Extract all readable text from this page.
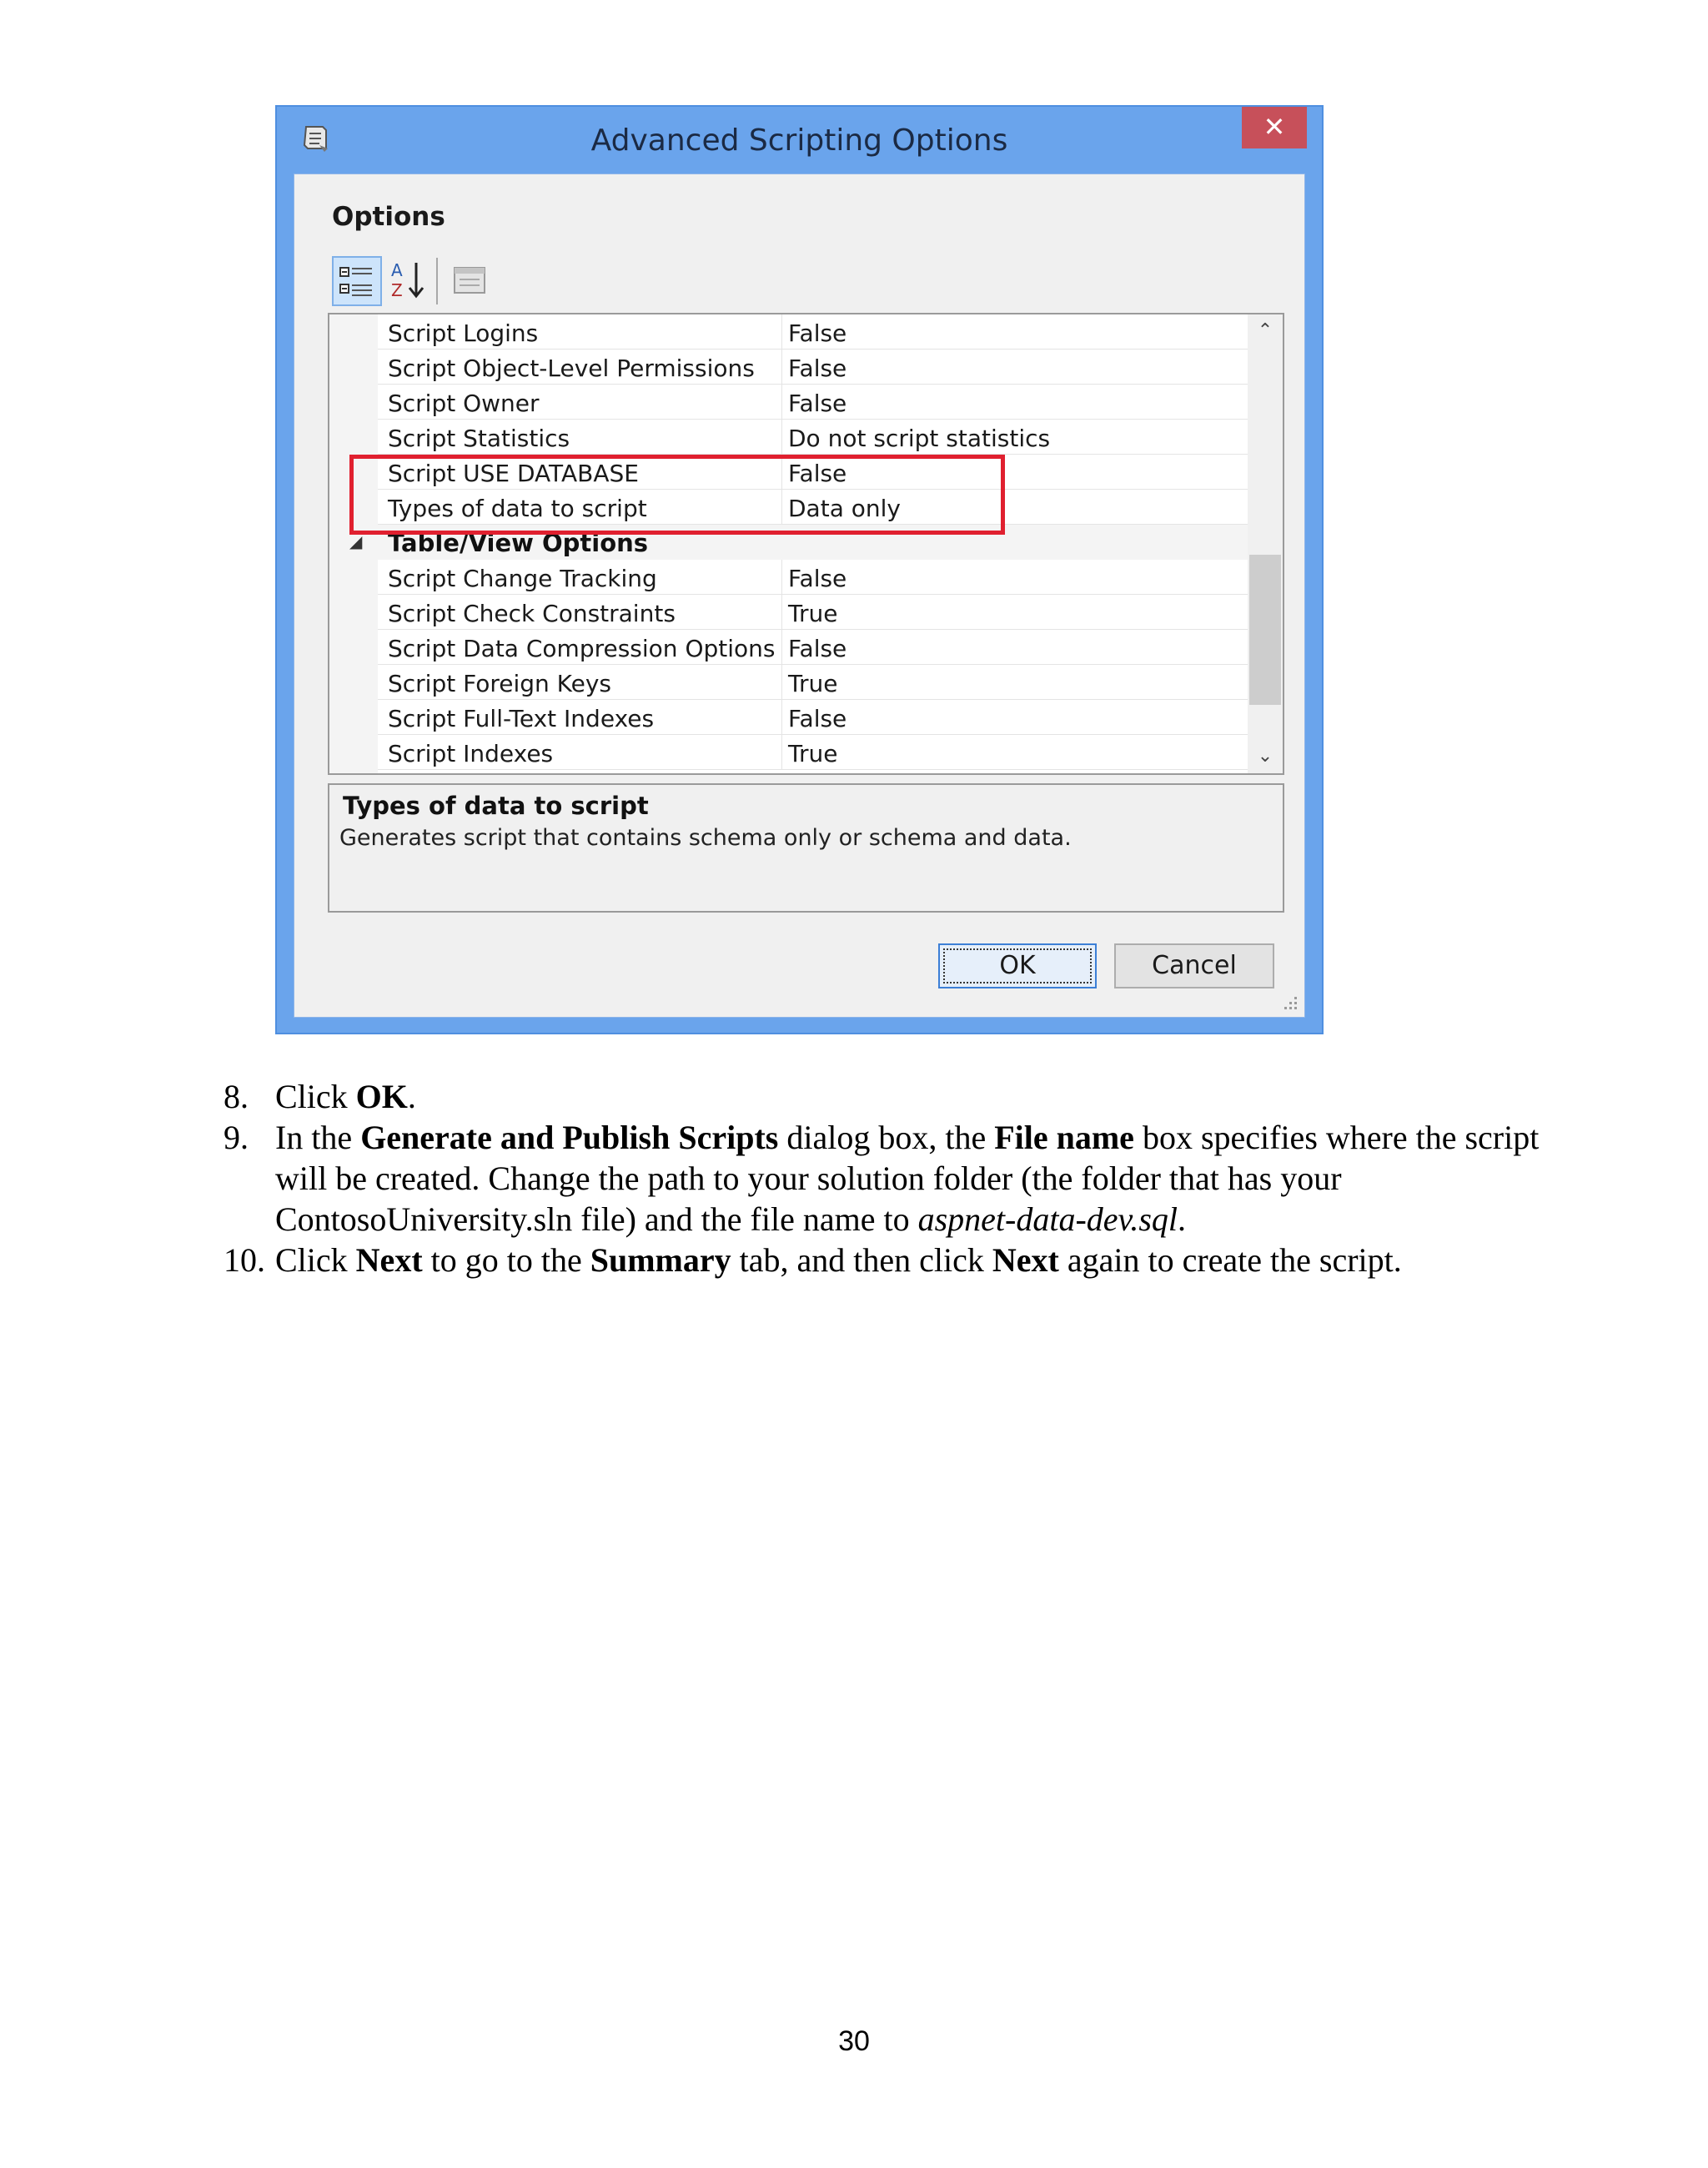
Advanced Scripting Options	✕
Options
A
Z
Script Logins	False
Script Object-Level Permissions False
Script Owner	False
Script Statistics	Do not script statistics
Script USE DATABASE	False
Types of data to script	Data only
◢ Table/View Options
Script Change Tracking	False
Script Check Constraints	True
Script Data Compression Options False
Script Foreign Keys	True
Script Full-Text Indexes	False
Script Indexes	True
⌃
⌄
Types of data to script
Generates script that contains schema only or schema and data.
OK	Cancel
8. Click OK.
9. In the Generate and Publish Scripts dialog box, the File name box specifies where the script will be created. Change the path to your solution folder (the folder that has your ContosoUniversity.sln file) and the file name to aspnet-data-dev.sql.
10. Click Next to go to the Summary tab, and then click Next again to create the script.
30
